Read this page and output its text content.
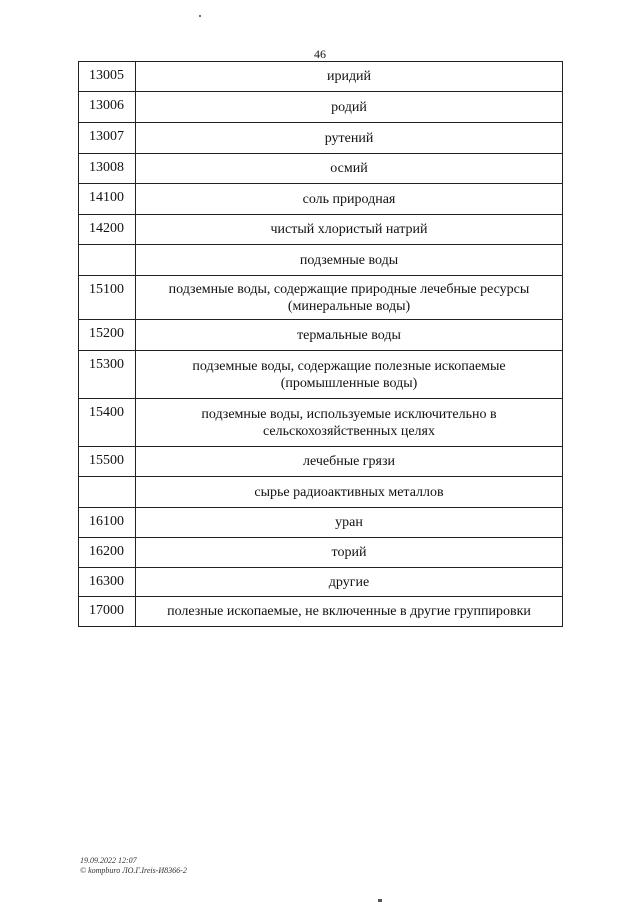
46
13005	иридий
13006	родий
13007	рутений
13008	осмий
14100	соль природная
14200	чистый хлористый натрий
	подземные воды
15100	подземные воды, содержащие природные лечебные ресурсы (минеральные воды)
15200	термальные воды
15300	подземные воды, содержащие полезные ископаемые (промышленные воды)
15400	подземные воды, используемые исключительно в сельскохозяйственных целях
15500	лечебные грязи
	сырье радиоактивных металлов
16100	уран
16200	торий
16300	другие
17000	полезные ископаемые, не включенные в другие группировки
19.09.2022 12:07
© kompburo ЛО.Г.Ireis-И8366-2
